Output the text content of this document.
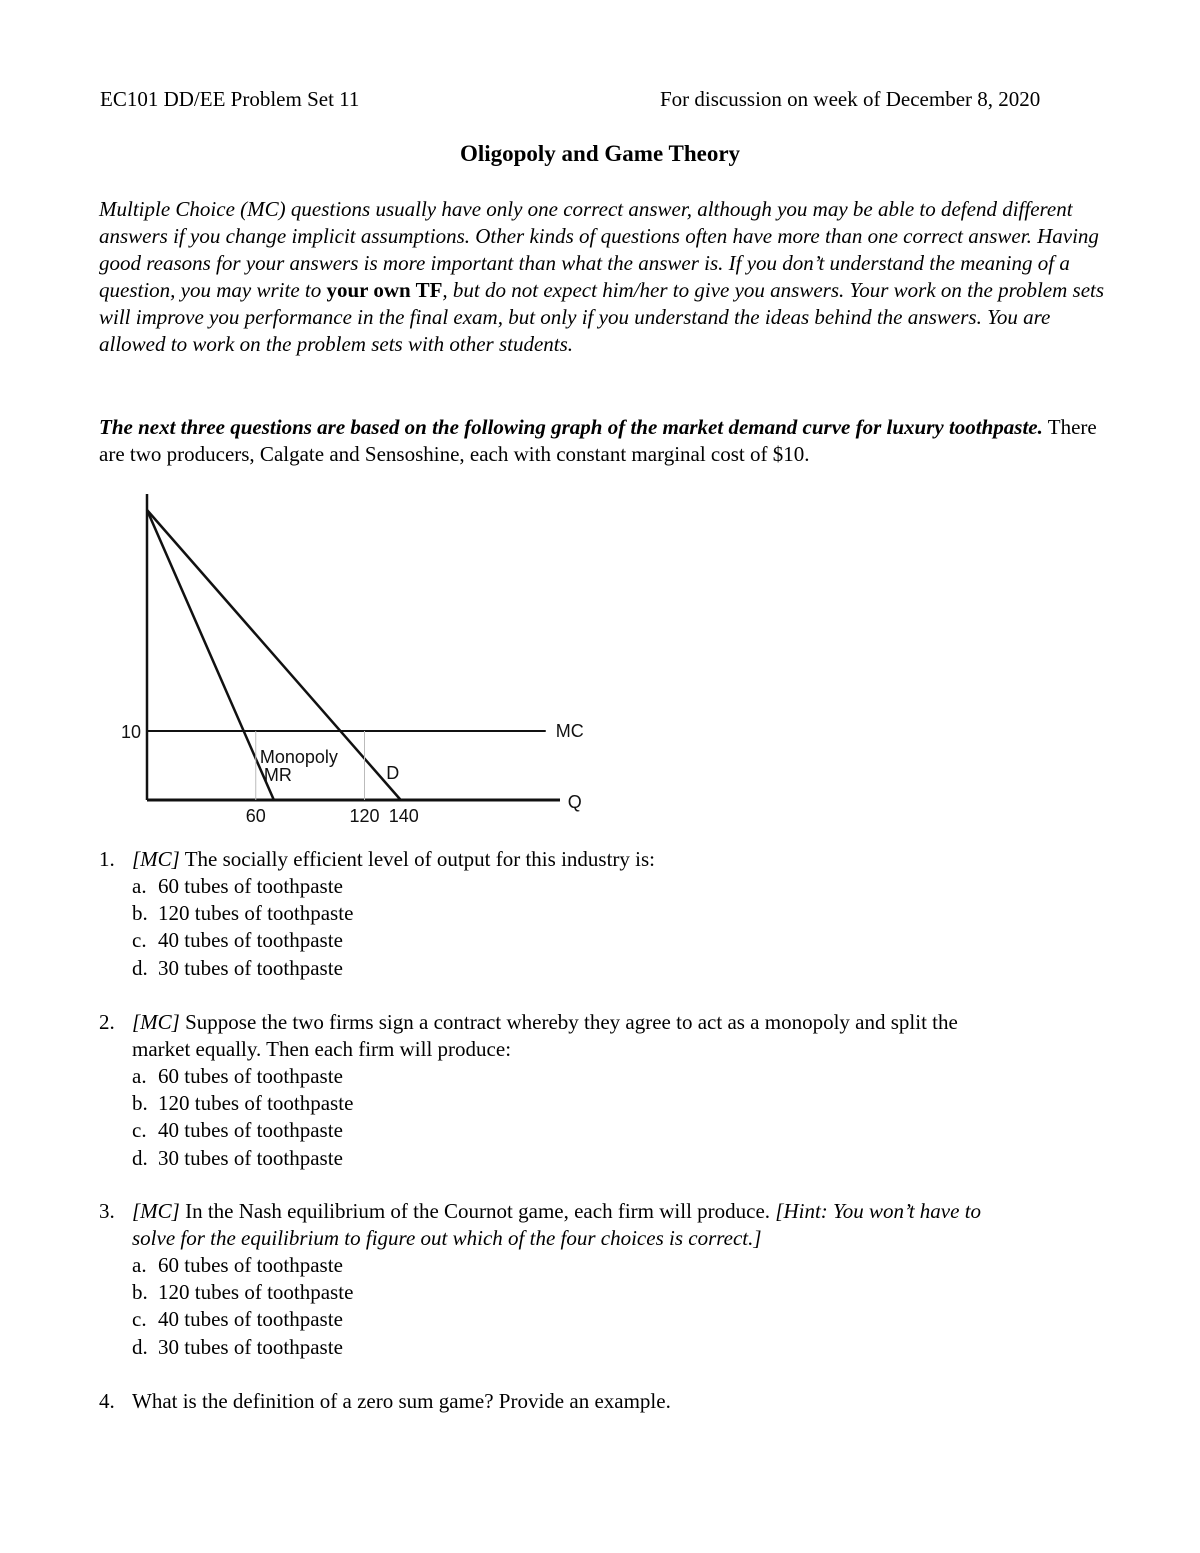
EC101 DD/EE Problem Set 11	For discussion on week of December 8, 2020
Oligopoly and Game Theory
Multiple Choice (MC) questions usually have only one correct answer, although you may be able to defend different answers if you change implicit assumptions. Other kinds of questions often have more than one correct answer. Having good reasons for your answers is more important than what the answer is. If you don’t understand the meaning of a question, you may write to your own TF, but do not expect him/her to give you answers. Your work on the problem sets will improve you performance in the final exam, but only if you understand the ideas behind the answers. You are allowed to work on the problem sets with other students.
The next three questions are based on the following graph of the market demand curve for luxury toothpaste. There are two producers, Calgate and Sensoshine, each with constant marginal cost of $10.
10	MC
Q
60	120 140
Monopoly
MR	D
1. [MC] The socially efficient level of output for this industry is:
a. 60 tubes of toothpaste
b. 120 tubes of toothpaste
c. 40 tubes of toothpaste
d. 30 tubes of toothpaste
2. [MC] Suppose the two firms sign a contract whereby they agree to act as a monopoly and split the
market equally. Then each firm will produce:
a. 60 tubes of toothpaste
b. 120 tubes of toothpaste
c. 40 tubes of toothpaste
d. 30 tubes of toothpaste
3. [MC] In the Nash equilibrium of the Cournot game, each firm will produce. [Hint: You won’t have to
solve for the equilibrium to figure out which of the four choices is correct.]
a. 60 tubes of toothpaste
b. 120 tubes of toothpaste
c. 40 tubes of toothpaste
d. 30 tubes of toothpaste
4. What is the definition of a zero sum game? Provide an example.
